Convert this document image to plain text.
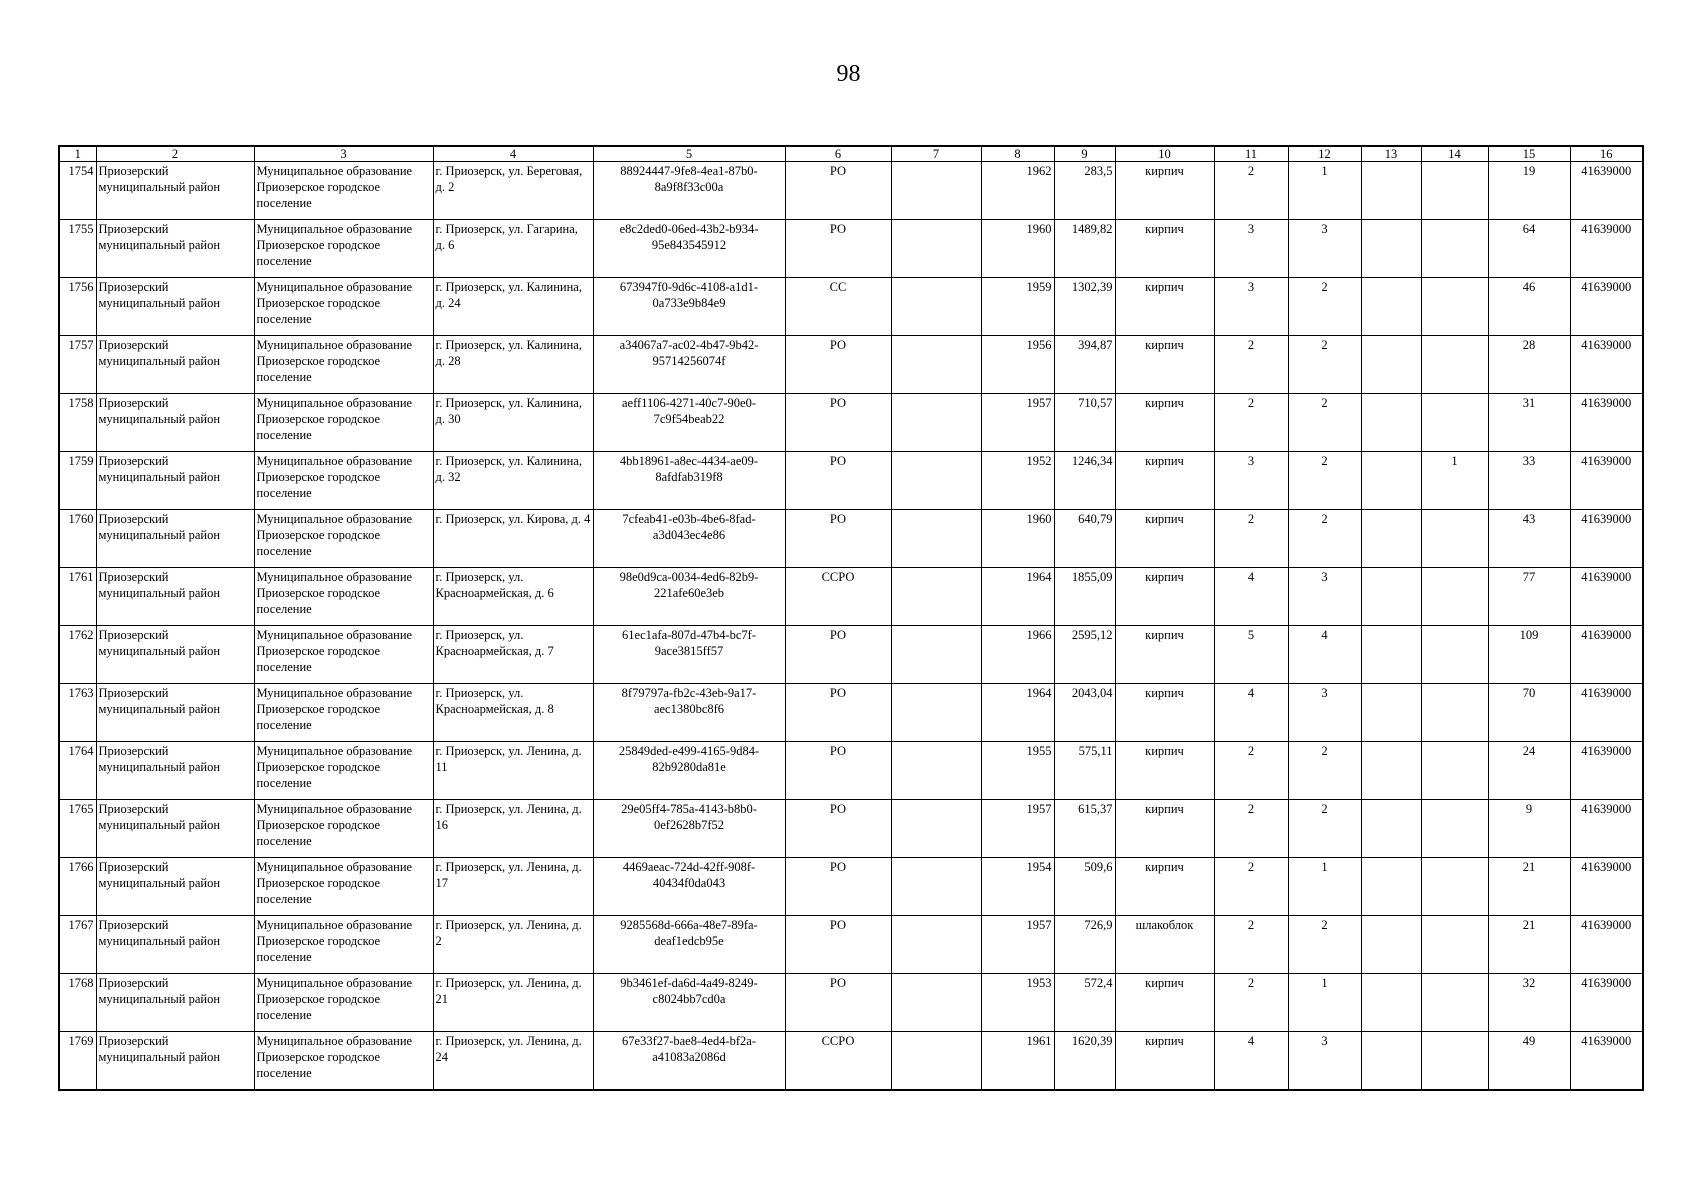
98
1	2	3	4	5	6	7	8	9	10	11	12	13	14	15	16
1754	Приозерский муниципальный район	Муниципальное образование Приозерское городское поселение	г. Приозерск, ул. Береговая, д. 2	88924447-9fe8-4ea1-87b0-8a9f8f33c00a	РО		1962	283,5	кирпич	2	1			19	41639000
1755	Приозерский муниципальный район	Муниципальное образование Приозерское городское поселение	г. Приозерск, ул. Гагарина, д. 6	e8c2ded0-06ed-43b2-b934-95e843545912	РО		1960	1489,82	кирпич	3	3			64	41639000
1756	Приозерский муниципальный район	Муниципальное образование Приозерское городское поселение	г. Приозерск, ул. Калинина, д. 24	673947f0-9d6c-4108-a1d1-0a733e9b84e9	СС		1959	1302,39	кирпич	3	2			46	41639000
1757	Приозерский муниципальный район	Муниципальное образование Приозерское городское поселение	г. Приозерск, ул. Калинина, д. 28	a34067a7-ac02-4b47-9b42-95714256074f	РО		1956	394,87	кирпич	2	2			28	41639000
1758	Приозерский муниципальный район	Муниципальное образование Приозерское городское поселение	г. Приозерск, ул. Калинина, д. 30	aeff1106-4271-40c7-90e0-7c9f54beab22	РО		1957	710,57	кирпич	2	2			31	41639000
1759	Приозерский муниципальный район	Муниципальное образование Приозерское городское поселение	г. Приозерск, ул. Калинина, д. 32	4bb18961-a8ec-4434-ae09-8afdfab319f8	РО		1952	1246,34	кирпич	3	2		1	33	41639000
1760	Приозерский муниципальный район	Муниципальное образование Приозерское городское поселение	г. Приозерск, ул. Кирова, д. 4	7cfeab41-e03b-4be6-8fad-a3d043ec4e86	РО		1960	640,79	кирпич	2	2			43	41639000
1761	Приозерский муниципальный район	Муниципальное образование Приозерское городское поселение	г. Приозерск, ул. Красноармейская, д. 6	98e0d9ca-0034-4ed6-82b9-221afe60e3eb	ССРО		1964	1855,09	кирпич	4	3			77	41639000
1762	Приозерский муниципальный район	Муниципальное образование Приозерское городское поселение	г. Приозерск, ул. Красноармейская, д. 7	61ec1afa-807d-47b4-bc7f-9ace3815ff57	РО		1966	2595,12	кирпич	5	4			109	41639000
1763	Приозерский муниципальный район	Муниципальное образование Приозерское городское поселение	г. Приозерск, ул. Красноармейская, д. 8	8f79797a-fb2c-43eb-9a17-aec1380bc8f6	РО		1964	2043,04	кирпич	4	3			70	41639000
1764	Приозерский муниципальный район	Муниципальное образование Приозерское городское поселение	г. Приозерск, ул. Ленина, д. 11	25849ded-e499-4165-9d84-82b9280da81e	РО		1955	575,11	кирпич	2	2			24	41639000
1765	Приозерский муниципальный район	Муниципальное образование Приозерское городское поселение	г. Приозерск, ул. Ленина, д. 16	29e05ff4-785a-4143-b8b0-0ef2628b7f52	РО		1957	615,37	кирпич	2	2			9	41639000
1766	Приозерский муниципальный район	Муниципальное образование Приозерское городское поселение	г. Приозерск, ул. Ленина, д. 17	4469aeac-724d-42ff-908f-40434f0da043	РО		1954	509,6	кирпич	2	1			21	41639000
1767	Приозерский муниципальный район	Муниципальное образование Приозерское городское поселение	г. Приозерск, ул. Ленина, д. 2	9285568d-666a-48e7-89fa-deaf1edcb95e	РО		1957	726,9	шлакоблок	2	2			21	41639000
1768	Приозерский муниципальный район	Муниципальное образование Приозерское городское поселение	г. Приозерск, ул. Ленина, д. 21	9b3461ef-da6d-4a49-8249-c8024bb7cd0a	РО		1953	572,4	кирпич	2	1			32	41639000
1769	Приозерский муниципальный район	Муниципальное образование Приозерское городское поселение	г. Приозерск, ул. Ленина, д. 24	67e33f27-bae8-4ed4-bf2a-a41083a2086d	ССРО		1961	1620,39	кирпич	4	3			49	41639000
